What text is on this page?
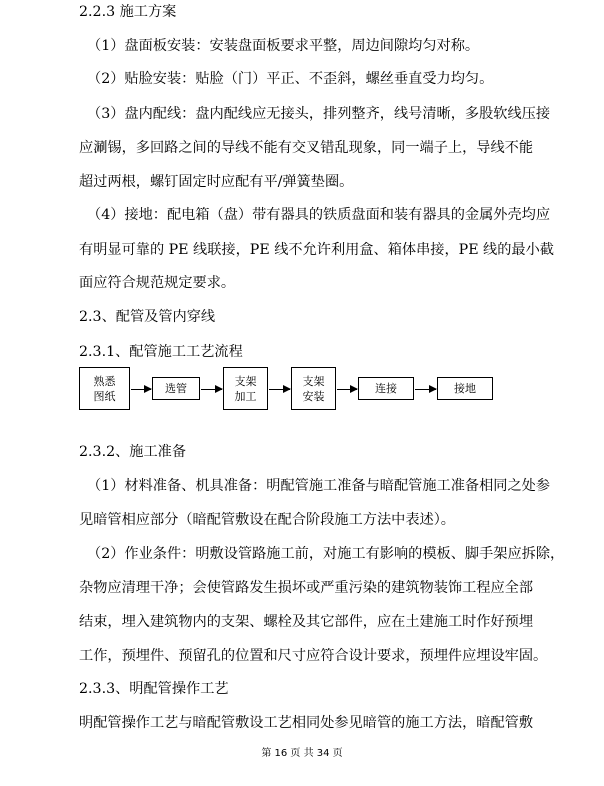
2.2.3 施工方案
（1）盘面板安装：安装盘面板要求平整，周边间隙均匀对称。
（2）贴脸安装：贴脸（门）平正、不歪斜，螺丝垂直受力均匀。
（3）盘内配线：盘内配线应无接头，排列整齐，线号清晰，多股软线压接
应涮锡，多回路之间的导线不能有交叉错乱现象，同一端子上，导线不能
超过两根，螺钉固定时应配有平/弹簧垫圈。
（4）接地：配电箱（盘）带有器具的铁质盘面和装有器具的金属外壳均应
有明显可靠的 PE 线联接，PE 线不允许利用盒、箱体串接，PE 线的最小截
面应符合规范规定要求。
2.3、配管及管内穿线
2.3.1、配管施工工艺流程
熟悉
图纸
选管
支架
加工
支架
安装
连接	接地
2.3.2、施工准备
（1）材料准备、机具准备：明配管施工准备与暗配管施工准备相同之处参
见暗管相应部分（暗配管敷设在配合阶段施工方法中表述）。
（2）作业条件：明敷设管路施工前，对施工有影响的模板、脚手架应拆除，
杂物应清理干净；会使管路发生损坏或严重污染的建筑物装饰工程应全部
结束，埋入建筑物内的支架、螺栓及其它部件，应在土建施工时作好预埋
工作，预埋件、预留孔的位置和尺寸应符合设计要求，预埋件应埋设牢固。
2.3.3、明配管操作工艺
明配管操作工艺与暗配管敷设工艺相同处参见暗管的施工方法，暗配管敷
第 16 页 共 34 页
